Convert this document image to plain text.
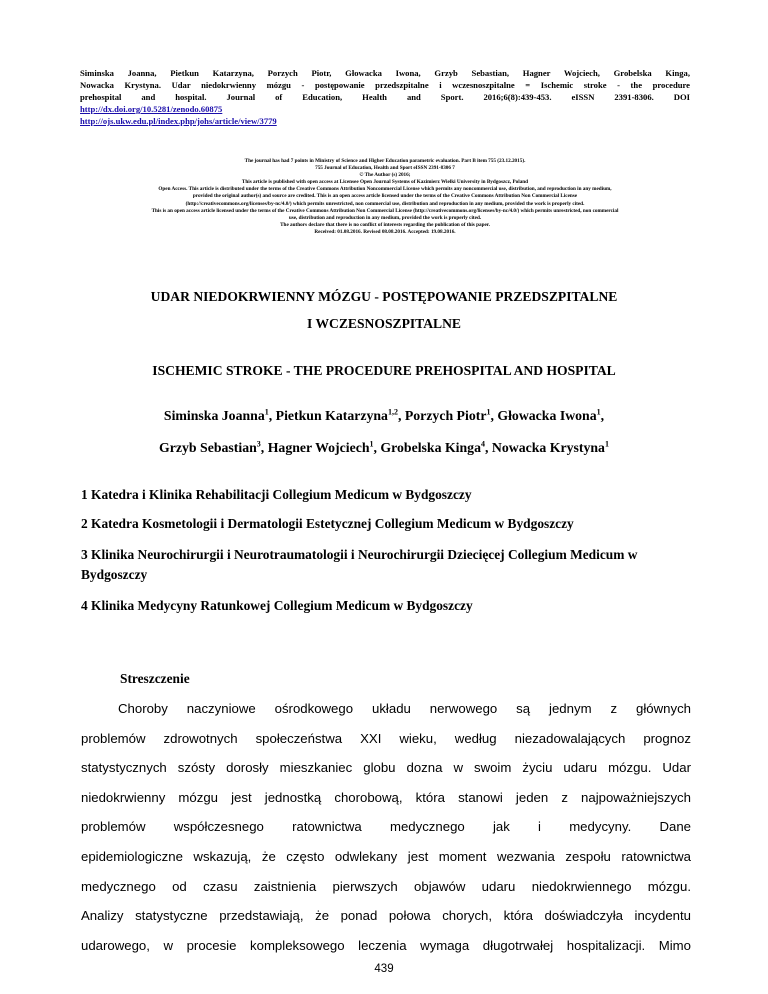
Siminska Joanna, Pietkun Katarzyna, Porzych Piotr, Głowacka Iwona, Grzyb Sebastian, Hagner Wojciech, Grobelska Kinga,
Nowacka Krystyna. Udar niedokrwienny mózgu - postępowanie przedszpitalne i wczesnoszpitalne = Ischemic stroke - the procedure
prehospital and hospital. Journal of Education, Health and Sport. 2016;6(8):439-453. eISSN 2391-8306. DOI
http://dx.doi.org/10.5281/zenodo.60875
http://ojs.ukw.edu.pl/index.php/johs/article/view/3779
The journal has had 7 points in Ministry of Science and Higher Education parametric evaluation. Part B item 755 (23.12.2015).
755 Journal of Education, Health and Sport eISSN 2391-8306 7
© The Author (s) 2016;
This article is published with open access at Licensee Open Journal Systems of Kazimierz Wielki University in Bydgoszcz, Poland
Open Access. This article is distributed under the terms of the Creative Commons Attribution Noncommercial License which permits any noncommercial use, distribution, and reproduction in any medium,
provided the original author(s) and source are credited. This is an open access article licensed under the terms of the Creative Commons Attribution Non Commercial License
(http://creativecommons.org/licenses/by-nc/4.0/) which permits unrestricted, non commercial use, distribution and reproduction in any medium, provided the work is properly cited.
This is an open access article licensed under the terms of the Creative Commons Attribution Non Commercial License (http://creativecommons.org/licenses/by-nc/4.0/) which permits unrestricted, non commercial
use, distribution and reproduction in any medium, provided the work is properly cited.
The authors declare that there is no conflict of interests regarding the publication of this paper.
Received: 01.08.2016. Revised 08.08.2016. Accepted: 19.08.2016.
UDAR NIEDOKRWIENNY MÓZGU - POSTĘPOWANIE PRZEDSZPITALNE
I WCZESNOSZPITALNE
ISCHEMIC STROKE - THE PROCEDURE PREHOSPITAL AND HOSPITAL
Siminska Joanna$^1$, Pietkun Katarzyna$^{1,2}$, Porzych Piotr$^1$, Głowacka Iwona$^1$,
Grzyb Sebastian$^3$, Hagner Wojciech$^1$, Grobelska Kinga$^4$, Nowacka Krystyna$^1$
1 Katedra i Klinika Rehabilitacji Collegium Medicum w Bydgoszczy
2 Katedra Kosmetologii i Dermatologii Estetycznej Collegium Medicum w Bydgoszczy
3 Klinika Neurochirurgii i Neurotraumatologii i Neurochirurgii Dziecięcej Collegium Medicum w Bydgoszczy
4 Klinika Medycyny Ratunkowej Collegium Medicum w Bydgoszczy
Streszczenie
Choroby naczyniowe ośrodkowego układu nerwowego są jednym z głównych
problemów zdrowotnych społeczeństwa XXI wieku, według niezadowalających prognoz
statystycznych szósty dorosły mieszkaniec globu dozna w swoim życiu udaru mózgu. Udar
niedokrwienny mózgu jest jednostką chorobową, która stanowi jeden z najpoważniejszych
problemów współczesnego ratownictwa medycznego jak i medycyny. Dane
epidemiologiczne wskazują, że często odwlekany jest moment wezwania zespołu ratownictwa
medycznego od czasu zaistnienia pierwszych objawów udaru niedokrwiennego mózgu.
Analizy statystyczne przedstawiają, że ponad połowa chorych, która doświadczyła incydentu
udarowego, w procesie kompleksowego leczenia wymaga długotrwałej hospitalizacji. Mimo
439
